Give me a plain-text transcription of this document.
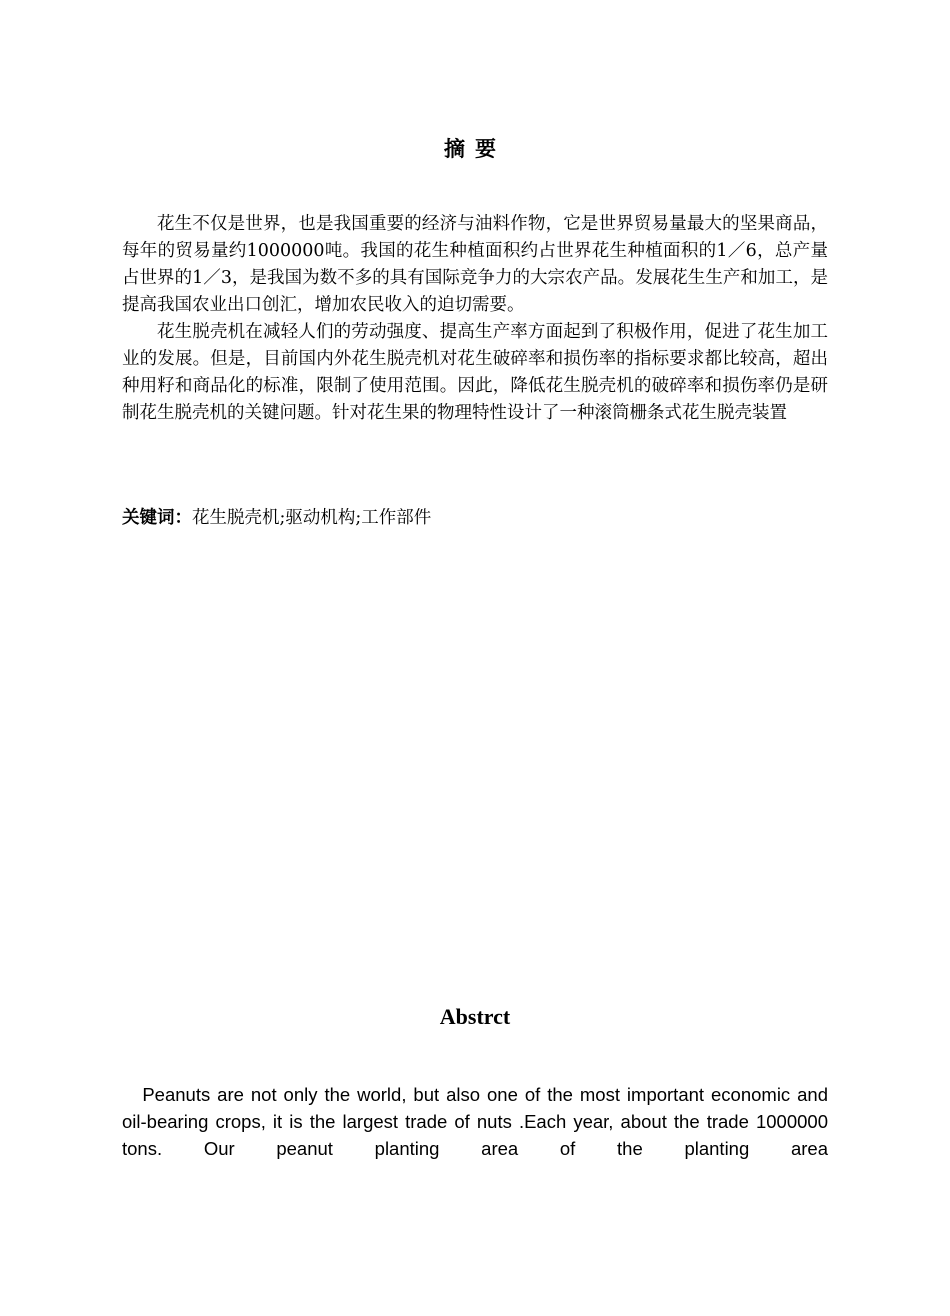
摘要

花生不仅是世界，也是我国重要的经济与油料作物，它是世界贸易量最大的坚果商品， 每年的贸易量约1000000吨。我国的花生种植面积约占世界花生种植面积的1／6，总产量占世界的1／3，是我国为数不多的具有国际竞争力的大宗农产品。发展花生生产和加工，是提高我国农业出口创汇，增加农民收入的迫切需要。

花生脱壳机在减轻人们的劳动强度、提高生产率方面起到了积极作用，促进了花生加工业的发展。但是，目前国内外花生脱壳机对花生破碎率和损伤率的指标要求都比较高，超出种用籽和商品化的标准，限制了使用范围。因此，降低花生脱壳机的破碎率和损伤率仍是研制花生脱壳机的关键问题。针对花生果的物理特性设计了一种滚筒栅条式花生脱壳装置

关键词：花生脱壳机;驱动机构;工作部件
Abstrct

Peanuts are not only the world, but also one of the most important economic and oil-bearing crops, it is the largest trade of nuts .Each year, about the trade 1000000 tons. Our peanut planting area of the planting area
